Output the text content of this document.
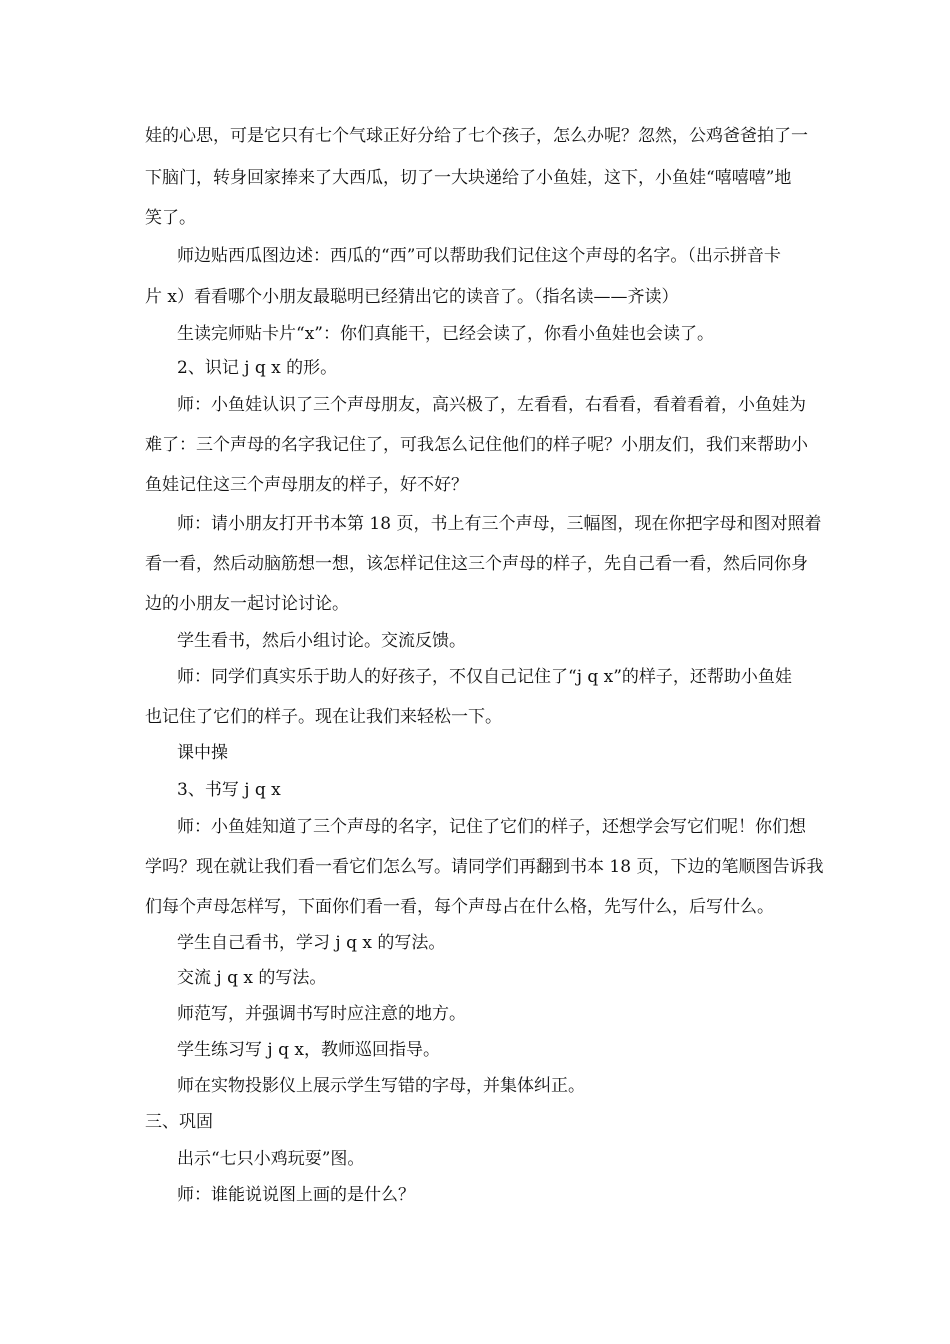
娃的心思，可是它只有七个气球正好分给了七个孩子，怎么办呢？忽然，公鸡爸爸拍了一
下脑门，转身回家捧来了大西瓜，切了一大块递给了小鱼娃，这下，小鱼娃“嘻嘻嘻”地
笑了。
师边贴西瓜图边述：西瓜的“西”可以帮助我们记住这个声母的名字。（出示拼音卡
片 x）看看哪个小朋友最聪明已经猜出它的读音了。（指名读——齐读）
生读完师贴卡片“x”：你们真能干，已经会读了，你看小鱼娃也会读了。
2、识记 j q x 的形。
师：小鱼娃认识了三个声母朋友，高兴极了，左看看，右看看，看着看着，小鱼娃为
难了：三个声母的名字我记住了，可我怎么记住他们的样子呢？小朋友们，我们来帮助小
鱼娃记住这三个声母朋友的样子，好不好？
师：请小朋友打开书本第 18 页，书上有三个声母，三幅图，现在你把字母和图对照着
看一看，然后动脑筋想一想，该怎样记住这三个声母的样子，先自己看一看，然后同你身
边的小朋友一起讨论讨论。
学生看书，然后小组讨论。交流反馈。
师：同学们真实乐于助人的好孩子，不仅自己记住了“j q x”的样子，还帮助小鱼娃
也记住了它们的样子。现在让我们来轻松一下。
课中操
3、书写 j q x
师：小鱼娃知道了三个声母的名字，记住了它们的样子，还想学会写它们呢！你们想
学吗？现在就让我们看一看它们怎么写。请同学们再翻到书本 18 页，下边的笔顺图告诉我
们每个声母怎样写，下面你们看一看，每个声母占在什么格，先写什么，后写什么。
学生自己看书，学习 j q x 的写法。
交流 j q x 的写法。
师范写，并强调书写时应注意的地方。
学生练习写 j q x，教师巡回指导。
师在实物投影仪上展示学生写错的字母，并集体纠正。
三、巩固
出示“七只小鸡玩耍”图。
师：谁能说说图上画的是什么？
